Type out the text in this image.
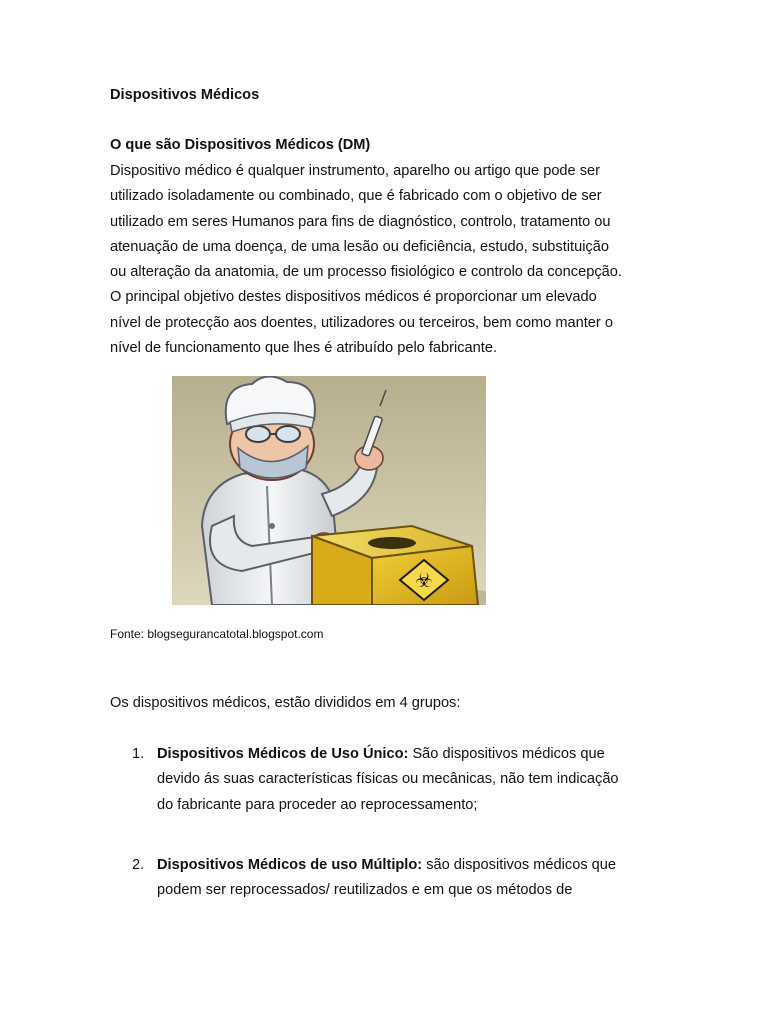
Dispositivos Médicos
O que são Dispositivos Médicos (DM)

Dispositivo médico é qualquer instrumento, aparelho ou artigo que pode ser
utilizado isoladamente ou combinado, que é fabricado com o objetivo de ser
utilizado em seres Humanos para fins de diagnóstico, controlo, tratamento ou
atenuação de uma doença, de uma lesão ou deficiência, estudo, substituição
ou alteração da anatomia, de um processo fisiológico e controlo da concepção.
O principal objetivo destes dispositivos médicos é proporcionar um elevado
nível de protecção aos doentes, utilizadores ou terceiros, bem como manter o
nível de funcionamento que lhes é atribuído pelo fabricante.

☣

Fonte: blogsegurancatotal.blogspot.com

Os dispositivos médicos, estão divididos em 4 grupos:

1. Dispositivos Médicos de Uso Único: São dispositivos médicos que
devido ás suas características físicas ou mecânicas, não tem indicação
do fabricante para proceder ao reprocessamento;
2. Dispositivos Médicos de uso Múltiplo: são dispositivos médicos que
podem ser reprocessados/ reutilizados e em que os métodos de
